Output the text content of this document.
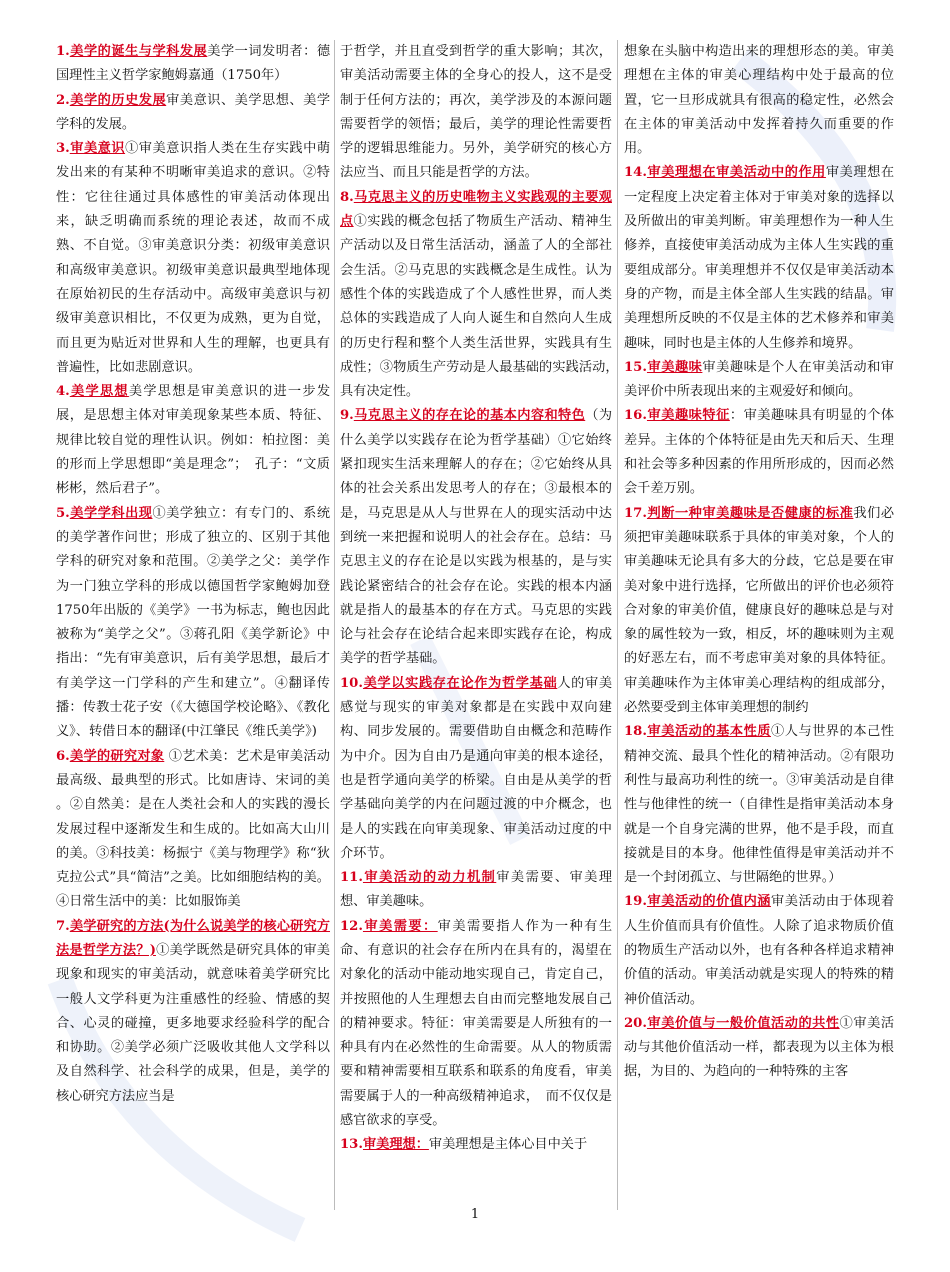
1.美学的诞生与学科发展美学一词发明者：德国理性主义哲学家鲍姆嘉通（1750年）

2.美学的历史发展审美意识、美学思想、美学学科的发展。

3.审美意识①审美意识指人类在生存实践中萌发出来的有某种不明晰审美追求的意识。②特性：它往往通过具体感性的审美活动体现出来，缺乏明确而系统的理论表述，故而不成熟、不自觉。③审美意识分类：初级审美意识和高级审美意识。初级审美意识最典型地体现在原始初民的生存活动中。高级审美意识与初级审美意识相比，不仅更为成熟，更为自觉，而且更为贴近对世界和人生的理解，也更具有普遍性，比如悲剧意识。

4.美学思想美学思想是审美意识的进一步发展，是思想主体对审美现象某些本质、特征、规律比较自觉的理性认识。例如：柏拉图：美的形而上学思想即“美是理念”；　孔子：“文质彬彬，然后君子”。

5.美学学科出现①美学独立：有专门的、系统的美学著作问世；形成了独立的、区别于其他学科的研究对象和范围。②美学之父：美学作为一门独立学科的形成以德国哲学家鲍姆加登1750年出版的《美学》一书为标志，鲍也因此被称为“美学之父”。③蒋孔阳《美学新论》中指出：“先有审美意识，后有美学思想，最后才有美学这一门学科的产生和建立”。④翻译传播：传教士花子安（《大德国学校论略》、《教化义》、转借日本的翻译(中江肇民《维氏美学》)

6.美学的研究对象 ①艺术美：艺术是审美活动最高级、最典型的形式。比如唐诗、宋词的美 。②自然美：是在人类社会和人的实践的漫长发展过程中逐渐发生和生成的。比如高大山川的美。③科技美：杨振宁《美与物理学》称“狄克拉公式”具“简洁”之美。比如细胞结构的美。④日常生活中的美：比如服饰美

7.美学研究的方法(为什么说美学的核心研究方法是哲学方法？)①美学既然是研究具体的审美现象和现实的审美活动，就意味着美学研究比一般人文学科更为注重感性的经验、情感的契合、心灵的碰撞，更多地要求经验科学的配合和协助。②美学必须广泛吸收其他人文学科以及自然科学、社会科学的成果，但是，美学的核心研究方法应当是

于哲学，并且直受到哲学的重大影响；其次，审美活动需要主体的全身心的投人，这不是受制于任何方法的；再次，美学涉及的本源问题需要哲学的领悟；最后，美学的理论性需要哲学的逻辑思维能力。另外，美学研究的核心方法应当、而且只能是哲学的方法。

8.马克思主义的历史唯物主义实践观的主要观点①实践的概念包括了物质生产活动、精神生产活动以及日常生活活动，涵盖了人的全部社会生活。②马克思的实践概念是生成性。认为感性个体的实践造成了个人感性世界，而人类总体的实践造成了人向人诞生和自然向人生成的历史行程和整个人类生活世界，实践具有生成性；③物质生产劳动是人最基础的实践活动，　具有决定性。

9.马克思主义的存在论的基本内容和特色（为什么美学以实践存在论为哲学基础）①它始终紧扣现实生活来理解人的存在；②它始终从具体的社会关系出发思考人的存在；③最根本的是，马克思是从人与世界在人的现实活动中达到统一来把握和说明人的社会存在。总结：马克思主义的存在论是以实践为根基的，是与实践论紧密结合的社会存在论。实践的根本内涵就是指人的最基本的存在方式。马克思的实践论与社会存在论结合起来即实践存在论，构成美学的哲学基础。

10.美学以实践存在论作为哲学基础人的审美感觉与现实的审美对象都是在实践中双向建构、同步发展的。需要借助自由概念和范畴作为中介。因为自由乃是通向审美的根本途径，也是哲学通向美学的桥梁。自由是从美学的哲学基础向美学的内在问题过渡的中介概念，也是人的实践在向审美现象、审美活动过度的中介环节。

11.审美活动的动力机制审美需要、审美理想、审美趣味。

12.审美需要：审美需要指人作为一种有生命、有意识的社会存在所内在具有的，渴望在对象化的活动中能动地实现自己，肯定自己，并按照他的人生理想去自由而完整地发展自己的精神要求。特征：审美需要是人所独有的一种具有内在必然性的生命需要。从人的物质需要和精神需要相互联系和联系的角度看，审美需要属于人的一种高级精神追求，　而不仅仅是感官欲求的享受。

13.审美理想：审美理想是主体心目中关于

想象在头脑中构造出来的理想形态的美。审美理想在主体的审美心理结构中处于最高的位置，它一旦形成就具有很高的稳定性，必然会在主体的审美活动中发挥着持久而重要的作用。

14.审美理想在审美活动中的作用审美理想在一定程度上决定着主体对于审美对象的选择以及所做出的审美判断。审美理想作为一种人生修养，直接使审美活动成为主体人生实践的重要组成部分。审美理想并不仅仅是审美活动本身的产物，而是主体全部人生实践的结晶。审美理想所反映的不仅是主体的艺术修养和审美趣味，同时也是主体的人生修养和境界。

15.审美趣味审美趣味是个人在审美活动和审美评价中所表现出来的主观爱好和倾向。

16.审美趣味特征：审美趣味具有明显的个体差异。主体的个体特征是由先天和后天、生理和社会等多种因素的作用所形成的，因而必然会千差万别。

17.判断一种审美趣味是否健康的标准我们必须把审美趣味联系于具体的审美对象，个人的审美趣味无论具有多大的分歧，它总是要在审美对象中进行选择，它所做出的评价也必须符合对象的审美价值，健康良好的趣味总是与对象的属性较为一致，相反，坏的趣味则为主观的好恶左右，而不考虑审美对象的具体特征。审美趣味作为主体审美心理结构的组成部分，必然要受到主体审美理想的制约

18.审美活动的基本性质①人与世界的本己性精神交流、最具个性化的精神活动。②有限功利性与最高功利性的统一。③审美活动是自律性与他律性的统一（自律性是指审美活动本身就是一个自身完满的世界，他不是手段，而直接就是目的本身。他律性值得是审美活动并不是一个封闭孤立、与世隔绝的世界。）

19.审美活动的价值内涵审美活动由于体现着人生价值而具有价值性。人除了追求物质价值的物质生产活动以外，也有各种各样追求精神价值的活动。审美活动就是实现人的特殊的精神价值活动。

20.审美价值与一般价值活动的共性①审美活动与其他价值活动一样，都表现为以主体为根据，为目的、为趋向的一种特殊的主客

1
